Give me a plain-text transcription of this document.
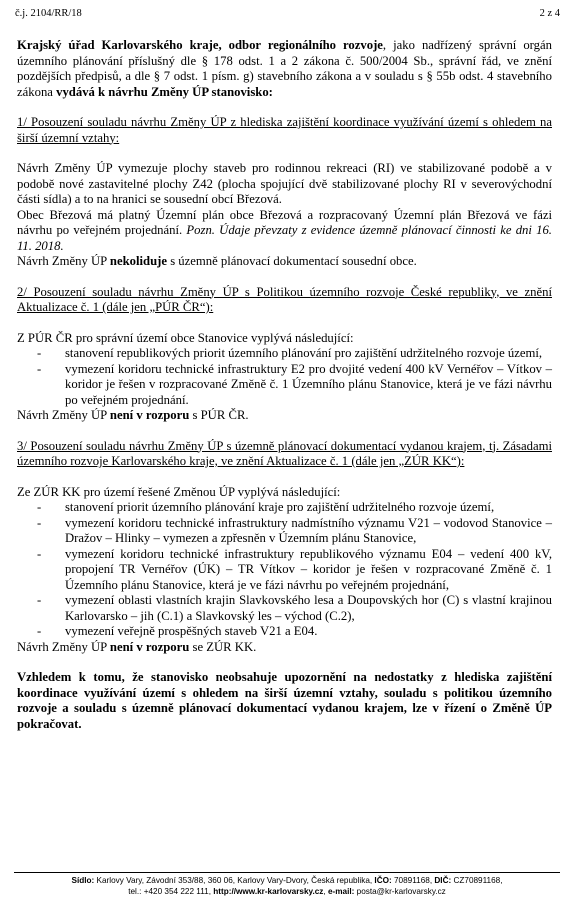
č.j. 2104/RR/18	2 z 4

Krajský úřad Karlovarského kraje, odbor regionálního rozvoje, jako nadřízený správní orgán územního plánování příslušný dle § 178 odst. 1 a 2 zákona č. 500/2004 Sb., správní řád, ve znění pozdějších předpisů, a dle § 7 odst. 1 písm. g) stavebního zákona a v souladu s § 55b odst. 4 stavebního zákona vydává k návrhu Změny ÚP stanovisko:

1/ Posouzení souladu návrhu Změny ÚP z hlediska zajištění koordinace využívání území s ohledem na širší územní vztahy:

Návrh Změny ÚP vymezuje plochy staveb pro rodinnou rekreaci (RI) ve stabilizované podobě a v podobě nové zastavitelné plochy Z42 (plocha spojující dvě stabilizované plochy RI v severovýchodní části sídla) a to na hranici se sousední obcí Březová.

Obec Březová má platný Územní plán obce Březová a rozpracovaný Územní plán Březová ve fázi návrhu po veřejném projednání. Pozn. Údaje převzaty z evidence územně plánovací činnosti ke dni 16. 11. 2018.

Návrh Změny ÚP nekoliduje s územně plánovací dokumentací sousední obce.

2/ Posouzení souladu návrhu Změny ÚP s Politikou územního rozvoje České republiky, ve znění Aktualizace č. 1 (dále jen „PÚR ČR“):

Z PÚR ČR pro správní území obce Stanovice vyplývá následující:

- stanovení republikových priorit územního plánování pro zajištění udržitelného rozvoje území,
- vymezení koridoru technické infrastruktury E2 pro dvojité vedení 400 kV Vernéřov – Vítkov – koridor je řešen v rozpracované Změně č. 1 Územního plánu Stanovice, která je ve fázi návrhu po veřejném projednání.

Návrh Změny ÚP není v rozporu s PÚR ČR.

3/ Posouzení souladu návrhu Změny ÚP s územně plánovací dokumentací vydanou krajem, tj. Zásadami územního rozvoje Karlovarského kraje, ve znění Aktualizace č. 1 (dále jen „ZÚR KK“):

Ze ZÚR KK pro území řešené Změnou ÚP vyplývá následující:

- stanovení priorit územního plánování kraje pro zajištění udržitelného rozvoje území,
- vymezení koridoru technické infrastruktury nadmístního významu V21 – vodovod Stanovice – Dražov – Hlinky – vymezen a zpřesněn v Územním plánu Stanovice,
- vymezení koridoru technické infrastruktury republikového významu E04 – vedení 400 kV, propojení TR Vernéřov (ÚK) – TR Vítkov – koridor je řešen v rozpracované Změně č. 1 Územního plánu Stanovice, která je ve fázi návrhu po veřejném projednání,
- vymezení oblasti vlastních krajin Slavkovského lesa a Doupovských hor (C) s vlastní krajinou Karlovarsko – jih (C.1) a Slavkovský les – východ (C.2),
- vymezení veřejně prospěšných staveb V21 a E04.

Návrh Změny ÚP není v rozporu se ZÚR KK.

Vzhledem k tomu, že stanovisko neobsahuje upozornění na nedostatky z hlediska zajištění koordinace využívání území s ohledem na širší územní vztahy, souladu s politikou územního rozvoje a souladu s územně plánovací dokumentací vydanou krajem, lze v řízení o Změně ÚP pokračovat.

Sídlo: Karlovy Vary, Závodní 353/88, 360 06, Karlovy Vary-Dvory, Česká republika, IČO: 70891168, DIČ: CZ70891168,
tel.: +420 354 222 111, http://www.kr-karlovarsky.cz, e-mail: posta@kr-karlovarsky.cz
